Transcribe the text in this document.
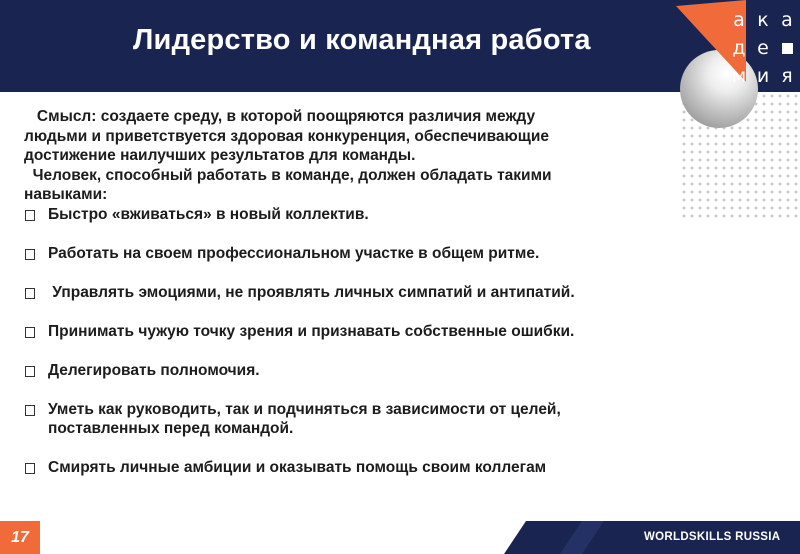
Лидерство и командная работа
а к а
д е
м и я
Смысл: создаете среду, в которой поощряются различия между
людьми и приветствуется здоровая конкуренция, обеспечивающие
достижение наилучших результатов для команды.
Человек, способный работать в команде, должен обладать такими
навыками:
Быстро «вживаться» в новый коллектив.
Работать на своем профессиональном участке в общем ритме.
Управлять эмоциями, не проявлять личных симпатий и антипатий.
Принимать чужую точку зрения и признавать собственные ошибки.
Делегировать полномочия.
Уметь как руководить, так и подчиняться в зависимости от целей,
поставленных перед командой.
Смирять личные амбиции и оказывать помощь своим коллегам
17	WORLDSKILLS RUSSIA
